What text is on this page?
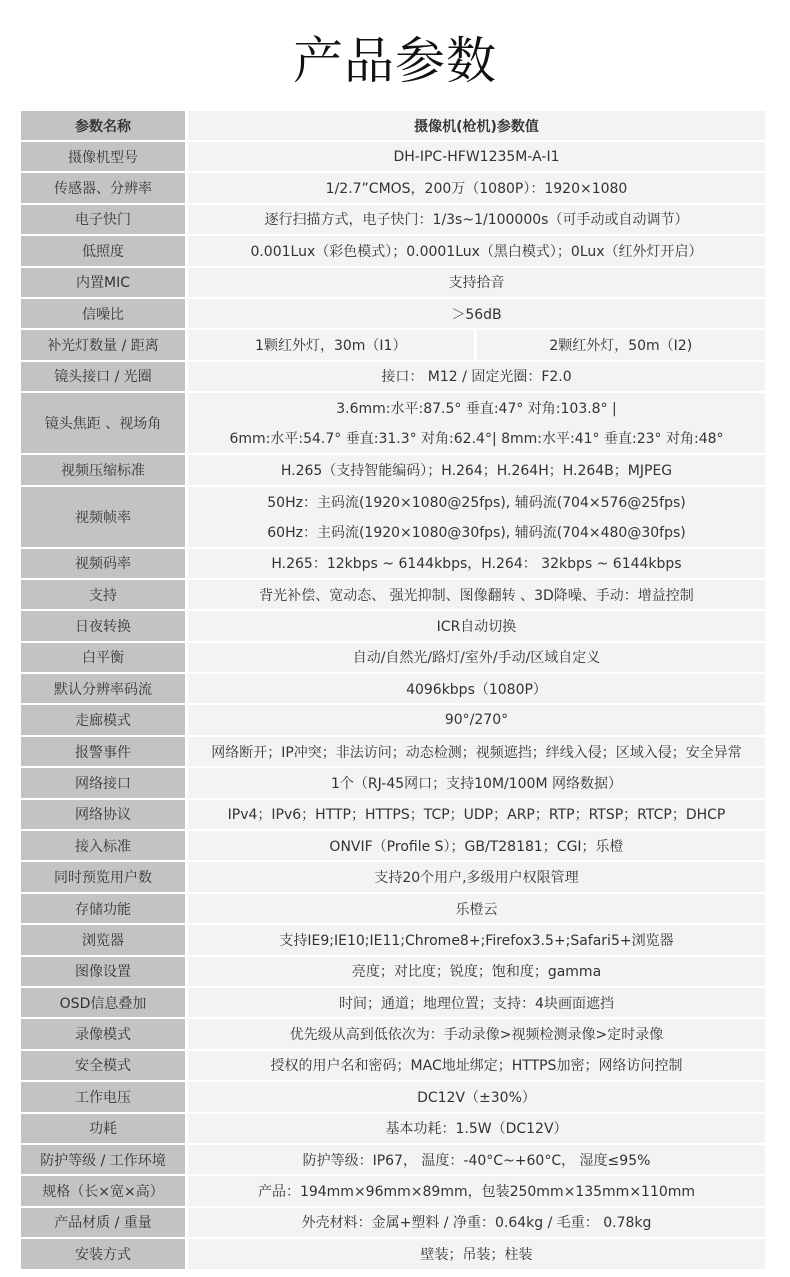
产品参数
参数名称	摄像机(枪机)参数值	
摄像机型号	DH-IPC-HFW1235M-A-I1	
传感器、分辨率	1/2.7”CMOS，200万（1080P）：1920×1080	
电子快门	逐行扫描方式，电子快门：1/3s~1/100000s（可手动或自动调节）	
低照度	0.001Lux（彩色模式）；0.0001Lux（黑白模式）；0Lux（红外灯开启）	
内置MIC	支持拾音	
信噪比	＞56dB	
补光灯数量 / 距离	1颗红外灯，30m（I1）	2颗红外灯，50m（I2)
镜头接口 / 光圈	接口： M12 / 固定光圈：F2.0	
镜头焦距 、视场角	3.6mm:水平:87.5° 垂直:47° 对角:103.8° |
6mm:水平:54.7° 垂直:31.3° 对角:62.4°| 8mm:水平:41° 垂直:23° 对角:48°	

视频压缩标准	H.265（支持智能编码）；H.264；H.264H；H.264B；MJPEG	
视频帧率	50Hz：主码流(1920×1080@25fps), 辅码流(704×576@25fps)
60Hz：主码流(1920×1080@30fps), 辅码流(704×480@30fps)	

视频码率	H.265：12kbps ~ 6144kbps，H.264： 32kbps ~ 6144kbps	
支持	背光补偿、宽动态、 强光抑制、图像翻转 、3D降噪、手动：增益控制	
日夜转换	ICR自动切换	
白平衡	自动/自然光/路灯/室外/手动/区域自定义	
默认分辨率码流	4096kbps（1080P）	
走廊模式	90°/270°	
报警事件	网络断开；IP冲突；非法访问；动态检测；视频遮挡；绊线入侵；区域入侵；安全异常	
网络接口	1个（RJ-45网口；支持10M/100M 网络数据）	
网络协议	IPv4；IPv6；HTTP；HTTPS；TCP；UDP；ARP；RTP；RTSP；RTCP；DHCP	
接入标准	ONVIF（Profile S）；GB/T28181；CGI；乐橙	
同时预览用户数	支持20个用户,多级用户权限管理	
存储功能	乐橙云	
浏览器	支持IE9;IE10;IE11;Chrome8+;Firefox3.5+;Safari5+浏览器	
图像设置	亮度；对比度；锐度；饱和度；gamma	
OSD信息叠加	时间；通道；地理位置；支持：4块画面遮挡	
录像模式	优先级从高到低依次为：手动录像>视频检测录像>定时录像	
安全模式	授权的用户名和密码；MAC地址绑定；HTTPS加密；网络访问控制	
工作电压	DC12V（±30%）	
功耗	基本功耗：1.5W（DC12V）	
防护等级 / 工作环境	防护等级：IP67， 温度：-40°C~+60°C， 湿度≤95%	
规格（长×宽×高）	产品：194mm×96mm×89mm，包装250mm×135mm×110mm	
产品材质 / 重量	外壳材料：金属+塑料 / 净重：0.64kg / 毛重： 0.78kg	
安装方式	壁装；吊装；柱装	
